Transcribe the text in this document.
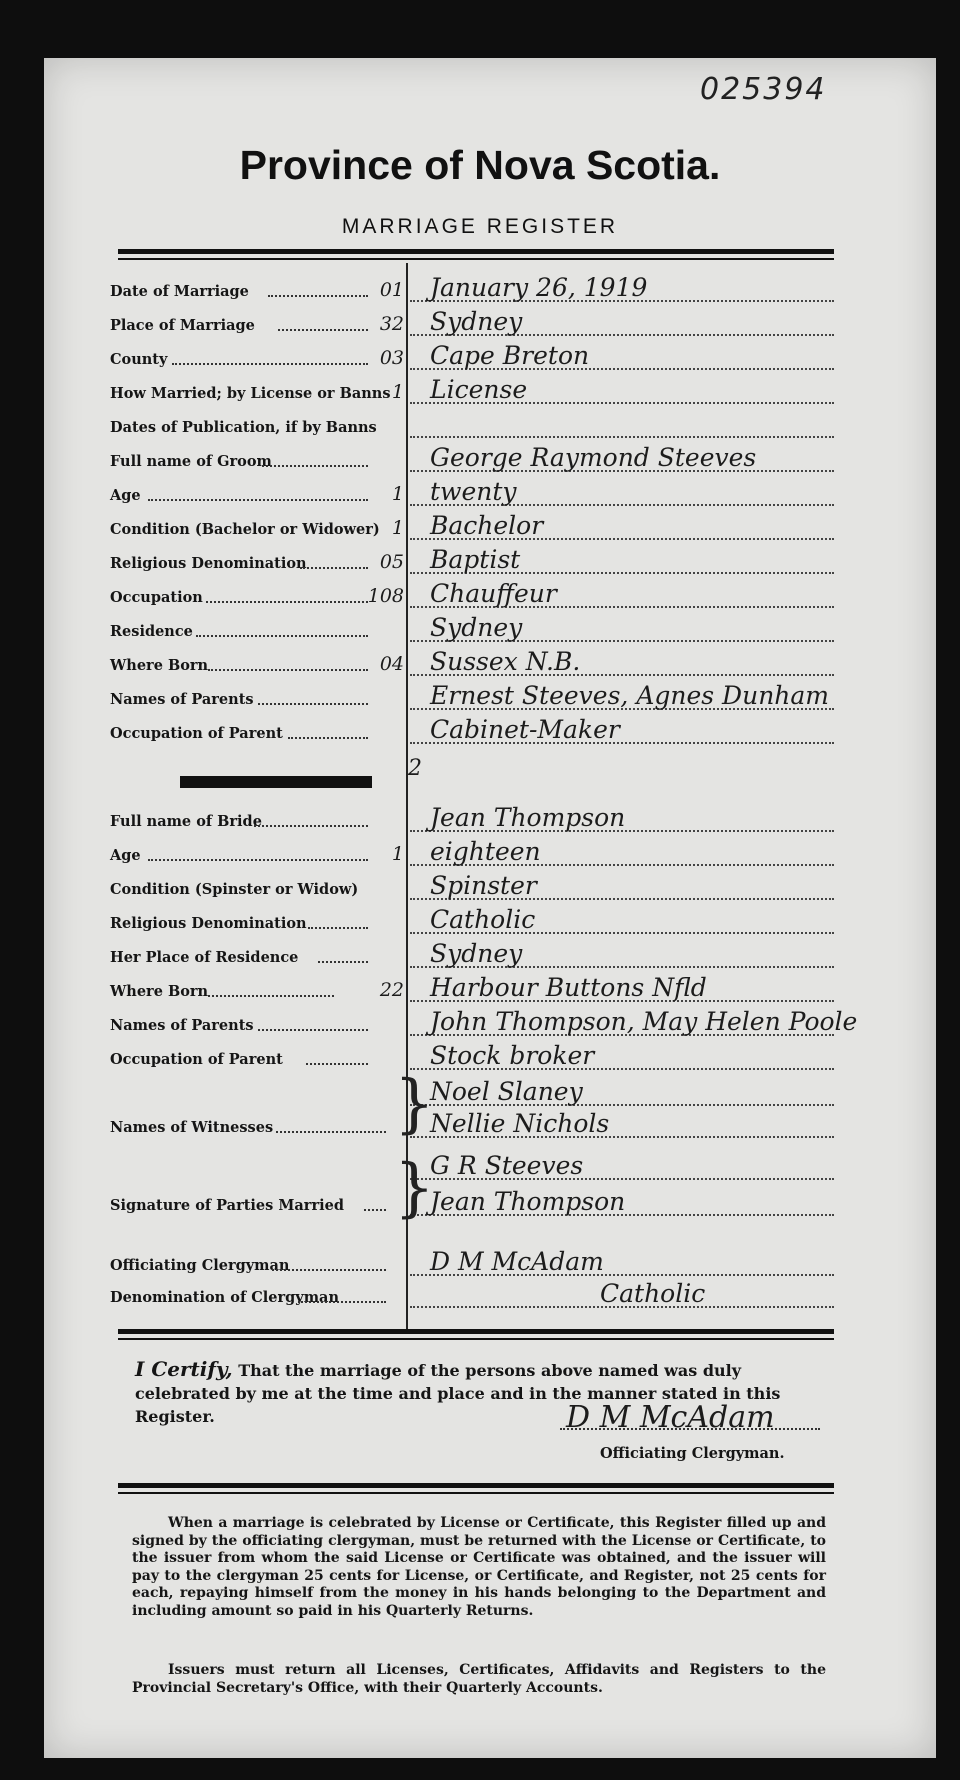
025394
Province of Nova Scotia.
MARRIAGE REGISTER
Date of Marriage	01 January 26, 1919
Place of Marriage	32 Sydney
County	03 Cape Breton
How Married; by License or Banns 1 License
Dates of Publication, if by Banns
Full name of Groom	George Raymond Steeves
Age	1 twenty
Condition (Bachelor or Widower) 1 Bachelor
Religious Denomination	05 Baptist
Occupation	108 Chauffeur
Residence	Sydney
Where Born	04 Sussex N.B.
Names of Parents	Ernest Steeves, Agnes Dunham
Occupation of Parent	Cabinet-Maker
2
Full name of Bride	Jean Thompson
Age	1 eighteen
Condition (Spinster or Widow)	Spinster
Religious Denomination	Catholic
Her Place of Residence	Sydney
Where Born	22 Harbour Buttons Nfld
Names of Parents	John Thompson, May Helen Poole
Occupation of Parent	Stock broker
Noel Slaney
Names of Witnesses	Nellie Nichols
}
G R Steeves
Signature of Parties Married	Jean Thompson
}
Officiating Clergyman	D M McAdam
Denomination of Clergyman	Catholic
I Certify, That the marriage of the persons above named was duly celebrated by me at the time and place and in the manner stated in this Register.	D M McAdam
Officiating Clergyman.
When a marriage is celebrated by License or Certificate, this Register filled up and signed by the officiating clergyman, must be returned with the License or Certificate, to the issuer from whom the said License or Certificate was obtained, and the issuer will pay to the clergyman 25 cents for License, or Certificate, and Register, not 25 cents for each, repaying himself from the money in his hands belonging to the Department and including amount so paid in his Quarterly Returns.
Issuers must return all Licenses, Certificates, Affidavits and Registers to the Provincial Secretary's Office, with their Quarterly Accounts.
